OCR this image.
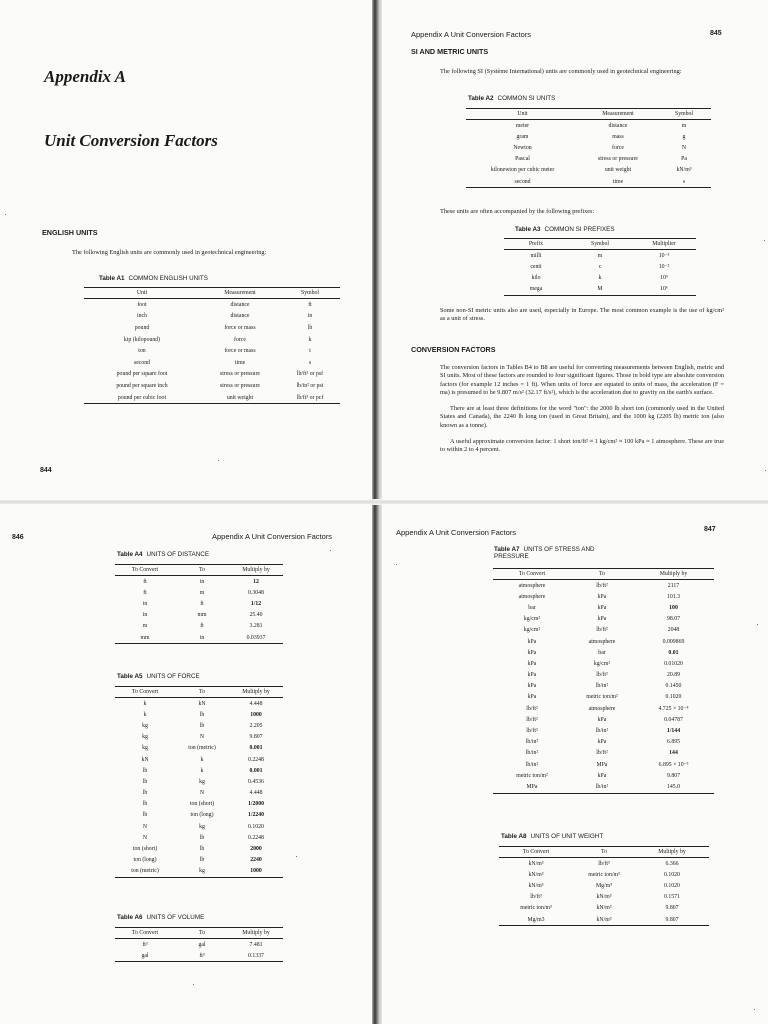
Appendix A
Unit Conversion Factors
ENGLISH UNITS
The following English units are commonly used in geotechnical engineering:
Table A1 COMMON ENGLISH UNITS
Unit	Measurement	Symbol
foot	distance	ft
inch	distance	in
pound	force or mass	lb
kip (kilopound)	force	k
ton	force or mass	t
second	time	s
pound per square foot	stress or pressure	lb/ft² or psf
pound per square inch	stress or pressure	lb/in² or psi
pound per cubic foot	unit weight	lb/ft³ or pcf
844
Appendix A Unit Conversion Factors	845
SI AND METRIC UNITS
The following SI (Système International) units are commonly used in geotechnical engineering:
Table A2 COMMON SI UNITS
Unit	Measurement	Symbol
meter	distance	m
gram	mass	g
Newton	force	N
Pascal	stress or pressure	Pa
kilonewton per cubic meter	unit weight	kN/m³
second	time	s
These units are often accompanied by the following prefixes:
Table A3 COMMON SI PREFIXES
Prefix	Symbol	Multiplier
milli	m	10⁻³
centi	c	10⁻²
kilo	k	10³
mega	M	10⁶
Some non-SI metric units also are used, especially in Europe. The most common example is the use of kg/cm² as a unit of stress.
CONVERSION FACTORS
The conversion factors in Tables B4 to B8 are useful for converting measurements between English, metric and SI units. Most of these factors are rounded to four significant figures. Those in bold type are absolute conversion factors (for example 12 inches = 1 ft). When units of force are equated to units of mass, the acceleration (F = ma) is presumed to be 9.807 m/s² (32.17 ft/s²), which is the acceleration due to gravity on the earth's surface.
There are at least three definitions for the word "ton": the 2000 lb short ton (commonly used in the United States and Canada), the 2240 lb long ton (used in Great Britain), and the 1000 kg (2205 lb) metric ton (also known as a tonne).
A useful approximate conversion factor: 1 short ton/ft² ≈ 1 kg/cm² ≈ 100 kPa ≈ 1 atmosphere. These are true to within 2 to 4 percent.
846	Appendix A Unit Conversion Factors
Table A4 UNITS OF DISTANCE
To Convert	To	Multiply by
ft	in	12
ft	m	0.3048
in	ft	1/12
in	mm	25.40
m	ft	3.281
mm	in	0.03937
Table A5 UNITS OF FORCE
To Convert	To	Multiply by
k	kN	4.448
k	lb	1000
kg	lb	2.205
kg	N	9.807
kg	ton (metric)	0.001
kN	k	0.2248
lb	k	0.001
lb	kg	0.4536
lb	N	4.448
lb	ton (short)	1/2000
lb	ton (long)	1/2240
N	kg	0.1020
N	lb	0.2248
ton (short)	lb	2000
ton (long)	lb	2240
ton (metric)	kg	1000
Table A6 UNITS OF VOLUME
To Convert	To	Multiply by
ft³	gal	7.481
gal	ft³	0.1337
Appendix A Unit Conversion Factors	847
Table A7 UNITS OF STRESS AND PRESSURE
To Convert	To	Multiply by
atmosphere	lb/ft²	2117
atmosphere	kPa	101.3
bar	kPa	100
kg/cm²	kPa	98.07
kg/cm²	lb/ft²	2048
kPa	atmosphere	0.009869
kPa	bar	0.01
kPa	kg/cm²	0.01020
kPa	lb/ft²	20.89
kPa	lb/in²	0.1450
kPa	metric ton/m²	0.1020
lb/ft²	atmosphere	4.725 × 10⁻⁴
lb/ft²	kPa	0.04787
lb/ft²	lb/in²	1/144
lb/in²	kPa	6.895
lb/in²	lb/ft²	144
lb/in²	MPa	6.895 × 10⁻³
metric ton/m²	kPa	9.807
MPa	lb/in²	145.0
Table A8 UNITS OF UNIT WEIGHT
To Convert	To	Multiply by
kN/m³	lb/ft³	6.366
kN/m³	metric ton/m³	0.1020
kN/m³	Mg/m³	0.1020
lb/ft³	kN/m³	0.1571
metric ton/m³	kN/m³	9.807
Mg/m3	kN/m³	9.807
